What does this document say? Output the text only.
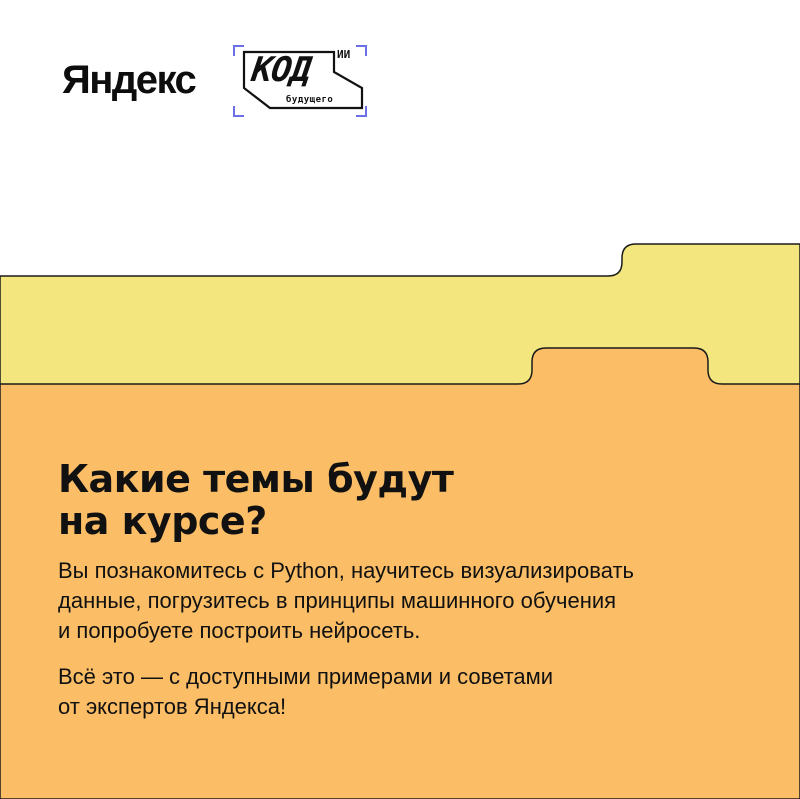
Яндекс КОД ИИ
будущего
Какие темы будут
на курсе?

Вы познакомитесь с Python, научитесь визуализировать
данные, погрузитесь в принципы машинного обучения
и попробуете построить нейросеть.

Всё это — с доступными примерами и советами
от экспертов Яндекса!
